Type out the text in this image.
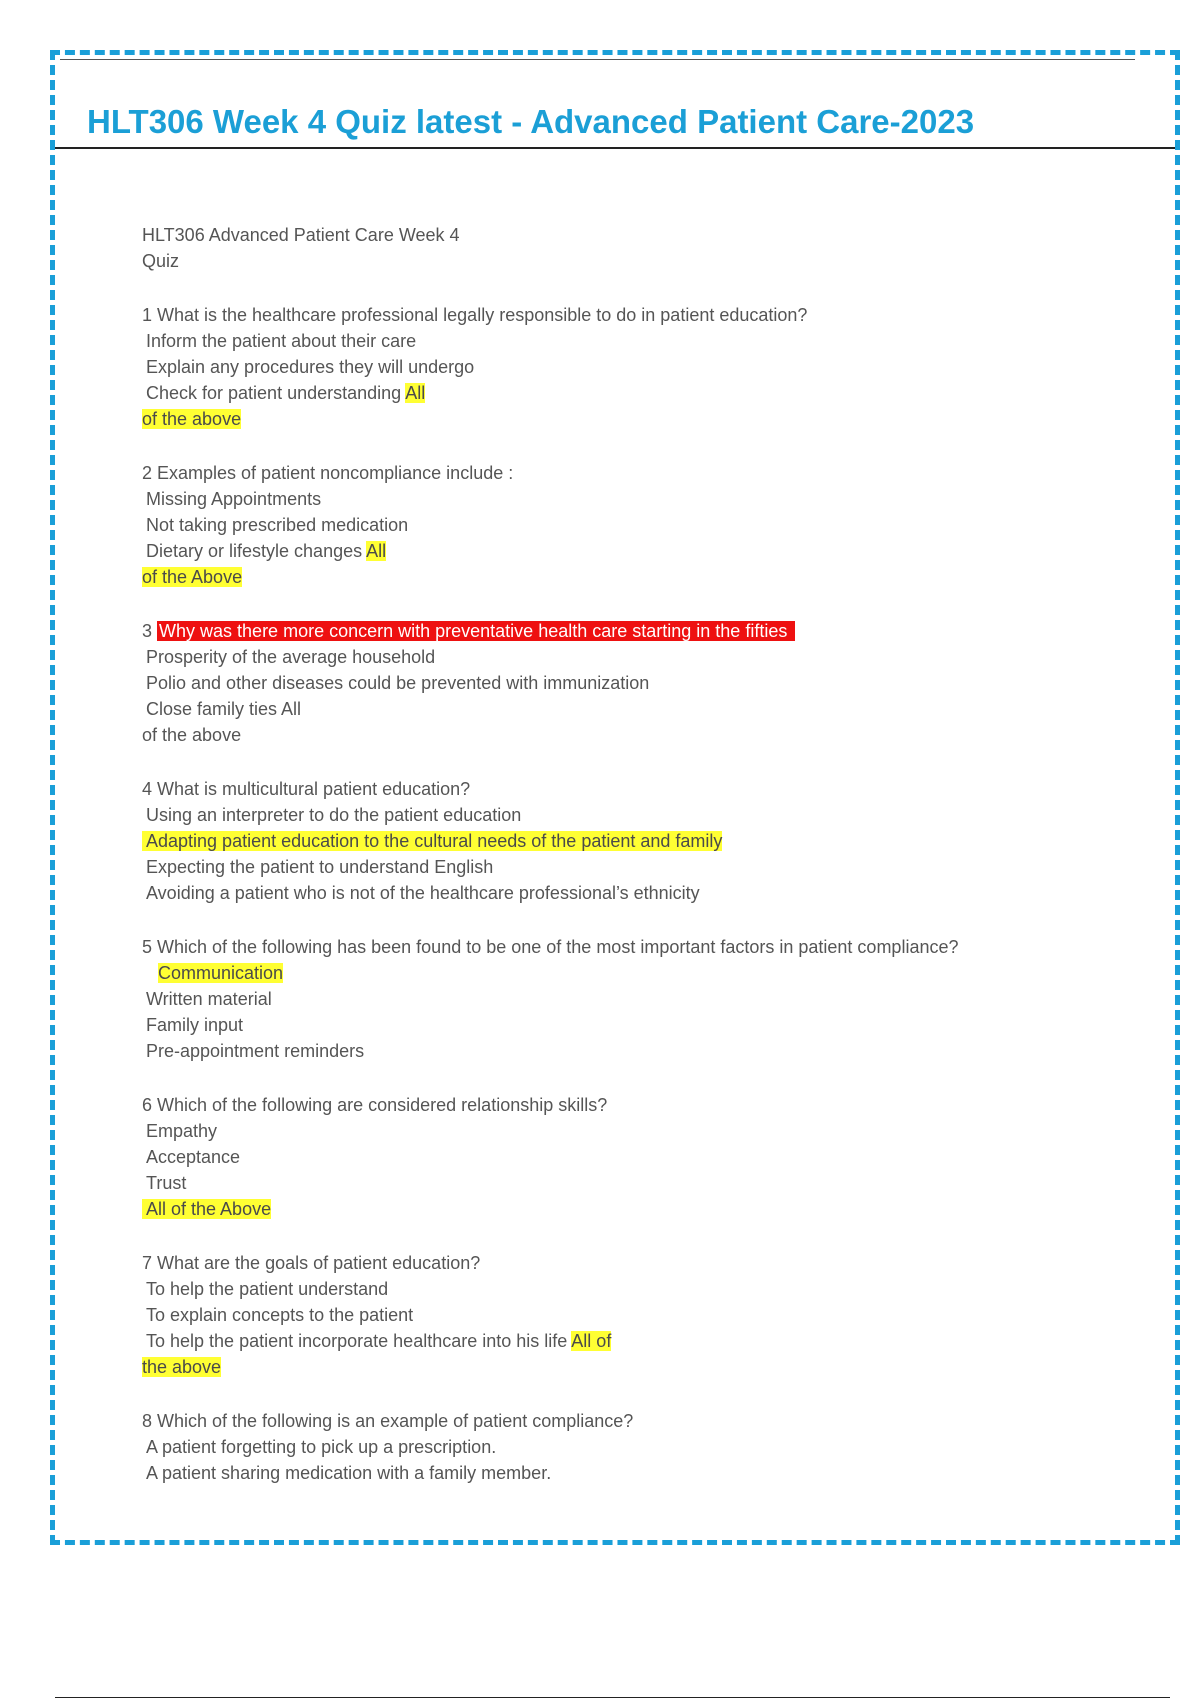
HLT306 Week 4 Quiz latest - Advanced Patient Care-2023
HLT306 Advanced Patient Care Week 4
Quiz
1 What is the healthcare professional legally responsible to do in patient education?
Inform the patient about their care
Explain any procedures they will undergo
Check for patient understanding All
of the above
2 Examples of patient noncompliance include :
Missing Appointments
Not taking prescribed medication
Dietary or lifestyle changes All
of the Above
3 Why was there more concern with preventative health care starting in the fifties
Prosperity of the average household
Polio and other diseases could be prevented with immunization
Close family ties All
of the above
4 What is multicultural patient education?
Using an interpreter to do the patient education
Adapting patient education to the cultural needs of the patient and family
Expecting the patient to understand English
Avoiding a patient who is not of the healthcare professional’s ethnicity
5 Which of the following has been found to be one of the most important factors in patient compliance?
Communication
Written material
Family input
Pre-appointment reminders
6 Which of the following are considered relationship skills?
Empathy
Acceptance
Trust
All of the Above
7 What are the goals of patient education?
To help the patient understand
To explain concepts to the patient
To help the patient incorporate healthcare into his life All of
the above
8 Which of the following is an example of patient compliance?
A patient forgetting to pick up a prescription.
A patient sharing medication with a family member.
